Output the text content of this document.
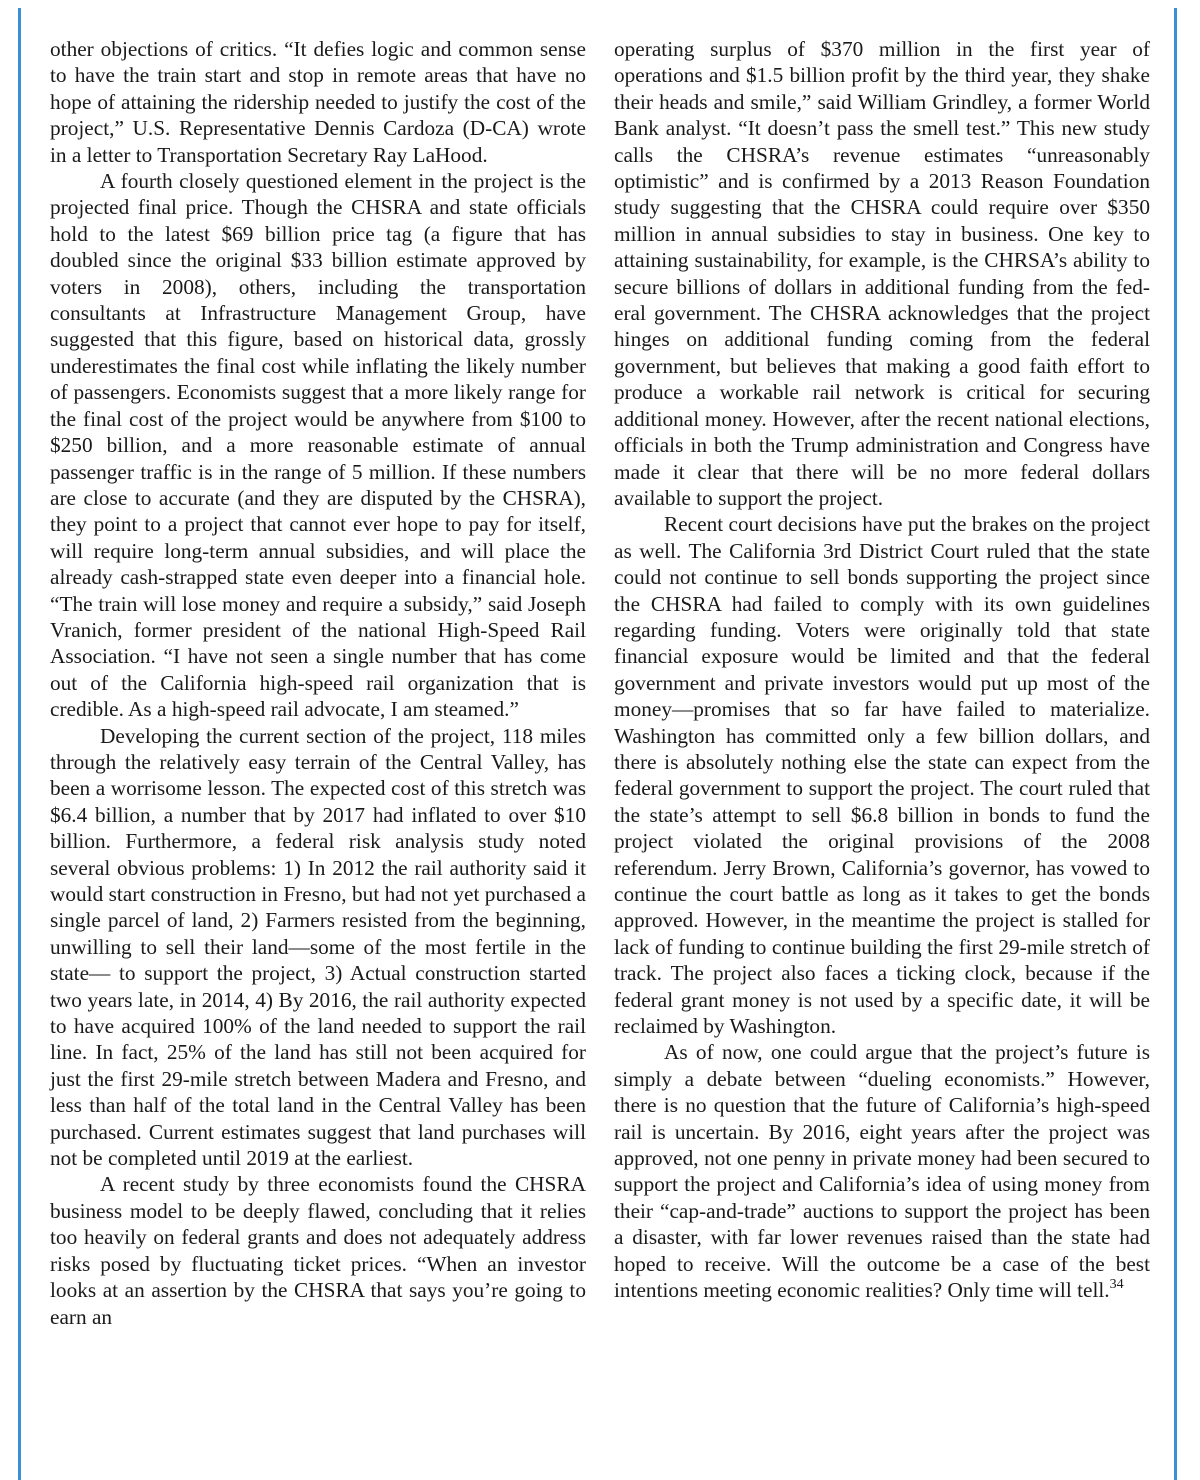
other objections of critics. “It defies logic and common sense to have the train start and stop in remote areas that have no hope of attaining the ridership needed to justify the cost of the project,” U.S. Representative Dennis Cardoza (D-CA) wrote in a letter to Transportation Secretary Ray LaHood.

A fourth closely questioned element in the project is the projected final price. Though the CHSRA and state officials hold to the latest $69 billion price tag (a figure that has doubled since the original $33 billion estimate approved by voters in 2008), others, including the transportation consultants at Infrastructure Management Group, have suggested that this figure, based on historical data, grossly underestimates the final cost while inflating the likely number of passengers. Economists suggest that a more likely range for the final cost of the project would be anywhere from $100 to $250 billion, and a more reasonable estimate of annual passenger traffic is in the range of 5 million. If these numbers are close to accurate (and they are disputed by the CHSRA), they point to a project that cannot ever hope to pay for itself, will require long-term annual subsidies, and will place the already cash-strapped state even deeper into a financial hole. “The train will lose money and require a subsidy,” said Joseph Vranich, former president of the national High-Speed Rail Association. “I have not seen a single number that has come out of the California high-speed rail organization that is credible. As a high-speed rail advocate, I am steamed.”

Developing the current section of the project, 118 miles through the relatively easy terrain of the Central Valley, has been a worrisome lesson. The expected cost of this stretch was $6.4 billion, a number that by 2017 had inflated to over $10 billion. Furthermore, a federal risk analysis study noted several obvious problems: 1) In 2012 the rail authority said it would start construction in Fresno, but had not yet purchased a single parcel of land, 2) Farmers resisted from the beginning, unwilling to sell their land—some of the most fertile in the state— to support the project, 3) Actual construction started two years late, in 2014, 4) By 2016, the rail authority expected to have acquired 100% of the land needed to support the rail line. In fact, 25% of the land has still not been acquired for just the first 29-mile stretch between Madera and Fresno, and less than half of the total land in the Central Valley has been purchased. Current estimates suggest that land purchases will not be completed until 2019 at the earliest.

A recent study by three economists found the CHSRA business model to be deeply flawed, concluding that it relies too heavily on federal grants and does not adequately address risks posed by fluctuating ticket prices. “When an investor looks at an assertion by the CHSRA that says you’re going to earn an

operating surplus of $370 million in the first year of operations and $1.5 billion profit by the third year, they shake their heads and smile,” said William Grindley, a former World Bank analyst. “It doesn’t pass the smell test.” This new study calls the CHSRA’s revenue estimates “unreasonably optimistic” and is confirmed by a 2013 Reason Foundation study suggesting that the CHSRA could require over $350 million in annual subsidies to stay in business. One key to attaining sustainability, for example, is the CHRSA’s ability to secure billions of dollars in additional funding from the federal government. The CHSRA acknowledges that the project hinges on additional funding coming from the federal government, but believes that making a good faith effort to produce a workable rail network is critical for securing additional money. However, after the recent national elections, officials in both the Trump administration and Congress have made it clear that there will be no more federal dollars available to support the project.

Recent court decisions have put the brakes on the project as well. The California 3rd District Court ruled that the state could not continue to sell bonds supporting the project since the CHSRA had failed to comply with its own guidelines regarding funding. Voters were originally told that state financial exposure would be limited and that the federal government and private investors would put up most of the money—promises that so far have failed to materialize. Washington has committed only a few billion dollars, and there is absolutely nothing else the state can expect from the federal government to support the project. The court ruled that the state’s attempt to sell $6.8 billion in bonds to fund the project violated the original provisions of the 2008 referendum. Jerry Brown, California’s governor, has vowed to continue the court battle as long as it takes to get the bonds approved. However, in the meantime the project is stalled for lack of funding to continue building the first 29-mile stretch of track. The project also faces a ticking clock, because if the federal grant money is not used by a specific date, it will be reclaimed by Washington.

As of now, one could argue that the project’s future is simply a debate between “dueling economists.” However, there is no question that the future of California’s high-speed rail is uncertain. By 2016, eight years after the project was approved, not one penny in private money had been secured to support the project and California’s idea of using money from their “cap-and-trade” auctions to support the project has been a disaster, with far lower revenues raised than the state had hoped to receive. Will the outcome be a case of the best intentions meeting economic realities? Only time will tell.$^{34}$
